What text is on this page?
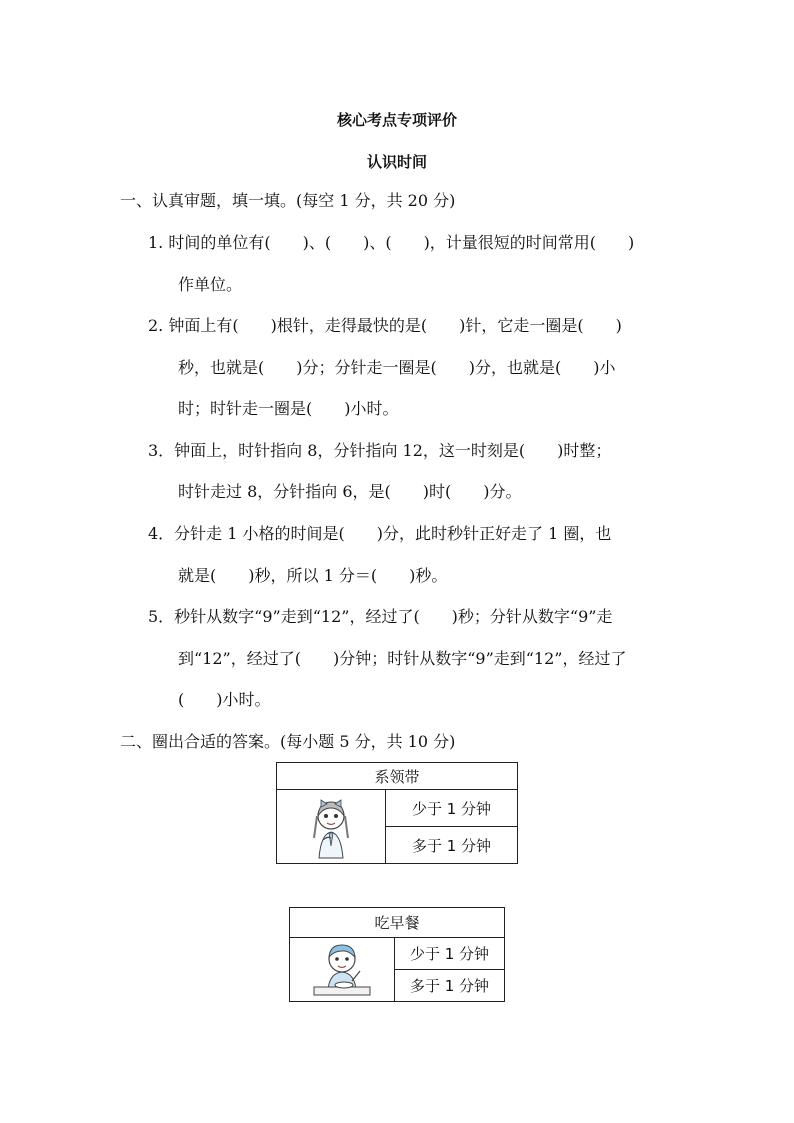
核心考点专项评价
认识时间
一、认真审题，填一填。(每空 1 分，共 20 分)
1. 时间的单位有(　　)、(　　)、(　　)，计量很短的时间常用(　　)
作单位。
2. 钟面上有(　　)根针，走得最快的是(　　)针，它走一圈是(　　)
秒，也就是(　　)分；分针走一圈是(　　)分，也就是(　　)小
时；时针走一圈是(　　)小时。
3．钟面上，时针指向 8，分针指向 12，这一时刻是(　　)时整；
时针走过 8，分针指向 6，是(　　)时(　　)分。
4．分针走 1 小格的时间是(　　)分，此时秒针正好走了 1 圈，也
就是(　　)秒，所以 1 分＝(　　)秒。
5．秒针从数字“9”走到“12”，经过了(　　)秒；分针从数字“9”走
到“12”，经过了(　　)分钟；时针从数字“9”走到“12”，经过了
(　　)小时。
二、圈出合适的答案。(每小题 5 分，共 10 分)
系领带

	少于 1 分钟
多于 1 分钟
吃早餐

	少于 1 分钟
多于 1 分钟
